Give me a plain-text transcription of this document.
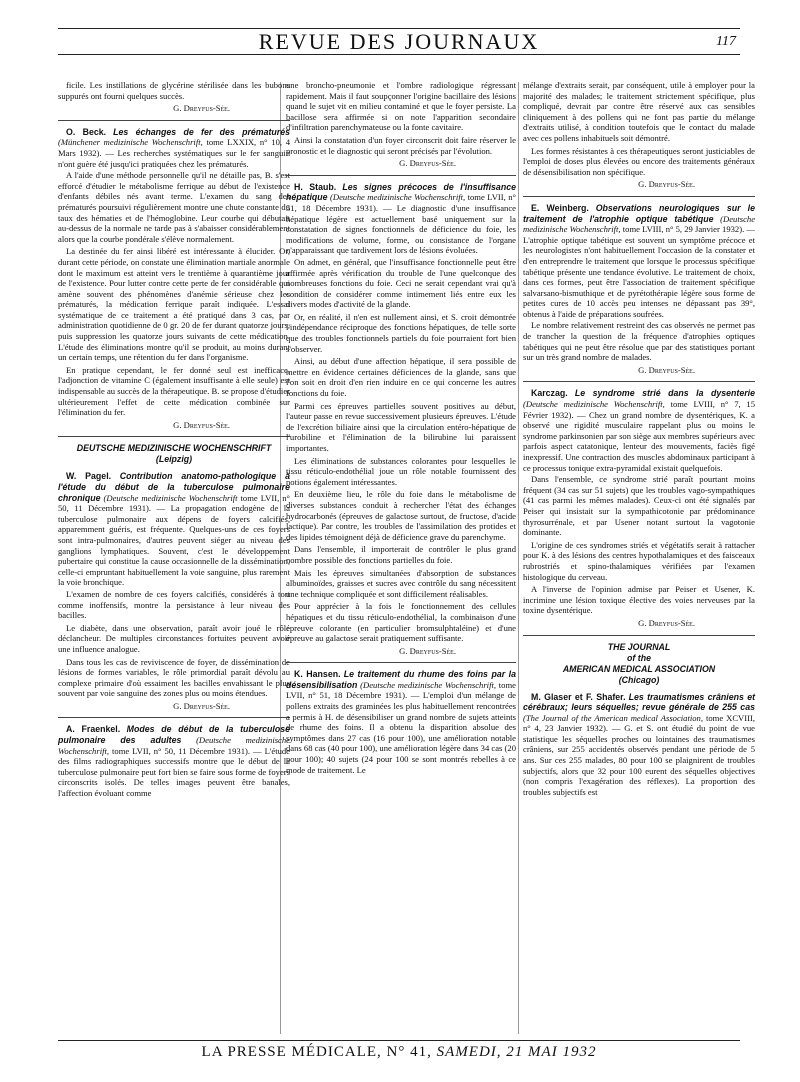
REVUE DES JOURNAUX	117

ficile. Les instillations de glycérine stérilisée dans les bubons suppurés ont fourni quelques succès.

G. Dreyfus-Sée.

O. Beck. Les échanges de fer des prématurés (Münchener medizinische Wochenschrift, tome LXXIX, n° 10, 4 Mars 1932). — Les recherches systématiques sur le fer sanguin n'ont guère été jusqu'ici pratiquées chez les prématurés.

A l'aide d'une méthode personnelle qu'il ne détaille pas, B. s'est efforcé d'étudier le métabolisme ferrique au début de l'existence d'enfants débiles nés avant terme. L'examen du sang des prématurés poursuivi régulièrement montre une chute constante du taux des hématies et de l'hémoglobine. Leur courbe qui débutait au-dessus de la normale ne tarde pas à s'abaisser considérablement alors que la courbe pondérale s'élève normalement.

La destinée du fer ainsi libéré est intéressante à élucider. Or, durant cette période, on constate une élimination martiale anormale dont le maximum est atteint vers le trentième à quarantième jour de l'existence. Pour lutter contre cette perte de fer considérable qui amène souvent des phénomènes d'anémie sérieuse chez les prématurés, la médication ferrique paraît indiquée. L'essai systématique de ce traitement a été pratiqué dans 3 cas, par administration quotidienne de 0 gr. 20 de fer durant quatorze jours, puis suppression les quatorze jours suivants de cette médication. L'étude des éliminations montre qu'il se produit, au moins durant un certain temps, une rétention du fer dans l'organisme.

En pratique cependant, le fer donné seul est inefficace, l'adjonction de vitamine C (également insuffisante à elle seule) est indispensable au succès de la thérapeutique. B. se propose d'étudier ultérieurement l'effet de cette médication combinée sur l'élimination du fer.

G. Dreyfus-Sée.

DEUTSCHE MEDIZINISCHE WOCHENSCHRIFT
(Leipzig)

W. Pagel. Contribution anatomo-pathologique à l'étude du début de la tuberculose pulmonaire chronique (Deutsche medizinische Wochenschrift tome LVII, n° 50, 11 Décembre 1931). — La propagation endogène de la tuberculose pulmonaire aux dépens de foyers calcifiés, apparemment guéris, est fréquente. Quelques-uns de ces foyers sont intra-pulmonaires, d'autres peuvent siéger au niveau des ganglions lymphatiques. Souvent, c'est le développement pubertaire qui constitue la cause occasionnelle de la dissémination, celle-ci empruntant habituellement la voie sanguine, plus rarement la voie bronchique.

L'examen de nombre de ces foyers calcifiés, considérés à tort comme inoffensifs, montre la persistance à leur niveau des bacilles.

Le diabète, dans une observation, paraît avoir joué le rôle déclancheur. De multiples circonstances fortuites peuvent avoir une influence analogue.

Dans tous les cas de reviviscence de foyer, de dissémination de lésions de formes variables, le rôle primordial paraît dévolu au complexe primaire d'où essaiment les bacilles envahissant le plus souvent par voie sanguine des zones plus ou moins étendues.

G. Dreyfus-Sée.

A. Fraenkel. Modes de début de la tuberculose pulmonaire des adultes (Deutsche medizinische Wochenschrift, tome LVII, n° 50, 11 Décembre 1931). — L'étude des films radiographiques successifs montre que le début de la tuberculose pulmonaire peut fort bien se faire sous forme de foyers circonscrits isolés. De telles images peuvent être banales, l'affection évoluant comme

une broncho-pneumonie et l'ombre radiologique régressant rapidement. Mais il faut soupçonner l'origine bacillaire des lésions quand le sujet vit en milieu contaminé et que le foyer persiste. La bacillose sera affirmée si on note l'apparition secondaire d'infiltration parenchymateuse ou la fonte cavitaire.

Ainsi la constatation d'un foyer circonscrit doit faire réserver le pronostic et le diagnostic qui seront précisés par l'évolution.

G. Dreyfus-Sée.

H. Staub. Les signes précoces de l'insuffisance hépatique (Deutsche medizinische Wochenschrift, tome LVII, n° 51, 18 Décembre 1931). — Le diagnostic d'une insuffisance hépatique légère est actuellement basé uniquement sur la constatation de signes fonctionnels de déficience du foie, les modifications de volume, forme, ou consistance de l'organe n'apparaissant que tardivement lors de lésions évoluées.

On admet, en général, que l'insuffisance fonctionnelle peut être affirmée après vérification du trouble de l'une quelconque des nombreuses fonctions du foie. Ceci ne serait cependant vrai qu'à condition de considérer comme intimement liés entre eux les divers modes d'activité de la glande.

Or, en réalité, il n'en est nullement ainsi, et S. croit démontrée l'indépendance réciproque des fonctions hépatiques, de telle sorte que des troubles fonctionnels partiels du foie pourraient fort bien s'observer.

Ainsi, au début d'une affection hépatique, il sera possible de mettre en évidence certaines déficiences de la glande, sans que l'on soit en droit d'en rien induire en ce qui concerne les autres fonctions du foie.

Parmi ces épreuves partielles souvent positives au début, l'auteur passe en revue successivement plusieurs épreuves. L'étude de l'excrétion biliaire ainsi que la circulation entéro-hépatique de l'urobiline et l'élimination de la bilirubine lui paraissent importantes.

Les éliminations de substances colorantes pour lesquelles le tissu réticulo-endothélial joue un rôle notable fournissent des notions également intéressantes.

En deuxième lieu, le rôle du foie dans le métabolisme de diverses substances conduit à rechercher l'état des échanges hydrocarbonés (épreuves de galactose surtout, de fructose, d'acide lactique). Par contre, les troubles de l'assimilation des protides et des lipides témoignent déjà de déficience grave du parenchyme.

Dans l'ensemble, il importerait de contrôler le plus grand nombre possible des fonctions partielles du foie.

Mais les épreuves simultanées d'absorption de substances albuminoïdes, graisses et sucres avec contrôle du sang nécessitent une technique compliquée et sont difficilement réalisables.

Pour apprécier à la fois le fonctionnement des cellules hépatiques et du tissu réticulo-endothélial, la combinaison d'une épreuve colorante (en particulier bromsulphtaléine) et d'une épreuve au galactose serait pratiquement suffisante.

G. Dreyfus-Sée.

K. Hansen. Le traitement du rhume des foins par la désensibilisation (Deutsche medizinische Wochenschrift, tome LVII, n° 51, 18 Décembre 1931). — L'emploi d'un mélange de pollens extraits des graminées les plus habituellement rencontrées a permis à H. de désensibiliser un grand nombre de sujets atteints de rhume des foins. Il a obtenu la disparition absolue des symptômes dans 27 cas (16 pour 100), une amélioration notable dans 68 cas (40 pour 100), une amélioration légère dans 34 cas (20 pour 100); 40 sujets (24 pour 100 se sont montrés rebelles à ce mode de traitement. Le

mélange d'extraits serait, par conséquent, utile à employer pour la majorité des malades; le traitement strictement spécifique, plus compliqué, devrait par contre être réservé aux cas sensibles cliniquement à des pollens qui ne font pas partie du mélange d'extraits utilisé, à condition toutefois que le contact du malade avec ces pollens inhabituels soit démontré.

Les formes résistantes à ces thérapeutiques seront justiciables de l'emploi de doses plus élevées ou encore des traitements généraux de désensibilisation non spécifique.

G. Dreyfus-Sée.

E. Weinberg. Observations neurologiques sur le traitement de l'atrophie optique tabétique (Deutsche medizinische Wochenschrift, tome LVIII, n° 5, 29 Janvier 1932). — L'atrophie optique tabétique est souvent un symptôme précoce et les neurologistes n'ont habituellement l'occasion de la constater et d'en entreprendre le traitement que lorsque le processus spécifique tabétique présente une tendance évolutive. Le traitement de choix, dans ces formes, peut être l'association de traitement spécifique salvarsano-bismuthique et de pyrétothérapie légère sous forme de petites cures de 10 accès peu intenses ne dépassant pas 39°, obtenus à l'aide de préparations soufrées.

Le nombre relativement restreint des cas observés ne permet pas de trancher la question de la fréquence d'atrophies optiques tabétiques qui ne peut être résolue que par des statistiques portant sur un très grand nombre de malades.

G. Dreyfus-Sée.

Karczag. Le syndrome strié dans la dysenterie (Deutsche medizinische Wochenschrift, tome LVIII, n° 7, 15 Février 1932). — Chez un grand nombre de dysentériques, K. a observé une rigidité musculaire rappelant plus ou moins le syndrome parkinsonien par son siège aux membres supérieurs avec parfois aspect catatonique, lenteur des mouvements, faciès figé inexpressif. Une contraction des muscles abdominaux participant à ce processus tonique extra-pyramidal existait quelquefois.

Dans l'ensemble, ce syndrome strié paraît pourtant moins fréquent (34 cas sur 51 sujets) que les troubles vago-sympathiques (41 cas parmi les mêmes malades). Ceux-ci ont été signalés par Peiser qui insistait sur la sympathicotonie par prédominance thyrosurrénale, et par Usener notant surtout la vagotonie dominante.

L'origine de ces syndromes striés et végétatifs serait à rattacher pour K. à des lésions des centres hypothalamiques et des faisceaux rubrostriés et spino-thalamiques vérifiées par l'examen histologique du cerveau.

A l'inverse de l'opinion admise par Peiser et Usener, K. incrimine une lésion toxique élective des voies nerveuses par la toxine dysentérique.

G. Dreyfus-Sée.

THE JOURNAL
of the
AMERICAN MEDICAL ASSOCIATION
(Chicago)

M. Glaser et F. Shafer. Les traumatismes crâniens et cérébraux; leurs séquelles; revue générale de 255 cas (The Journal of the American medical Association, tome XCVIII, n° 4, 23 Janvier 1932). — G. et S. ont étudié du point de vue statistique les séquelles proches ou lointaines des traumatismes crâniens, sur 255 accidentés observés pendant une période de 5 ans. Sur ces 255 malades, 80 pour 100 se plaignirent de troubles subjectifs, alors que 32 pour 100 eurent des séquelles objectives (non compris l'exagération des réflexes). La proportion des troubles subjectifs est

LA PRESSE MÉDICALE, N° 41, SAMEDI, 21 MAI 1932
